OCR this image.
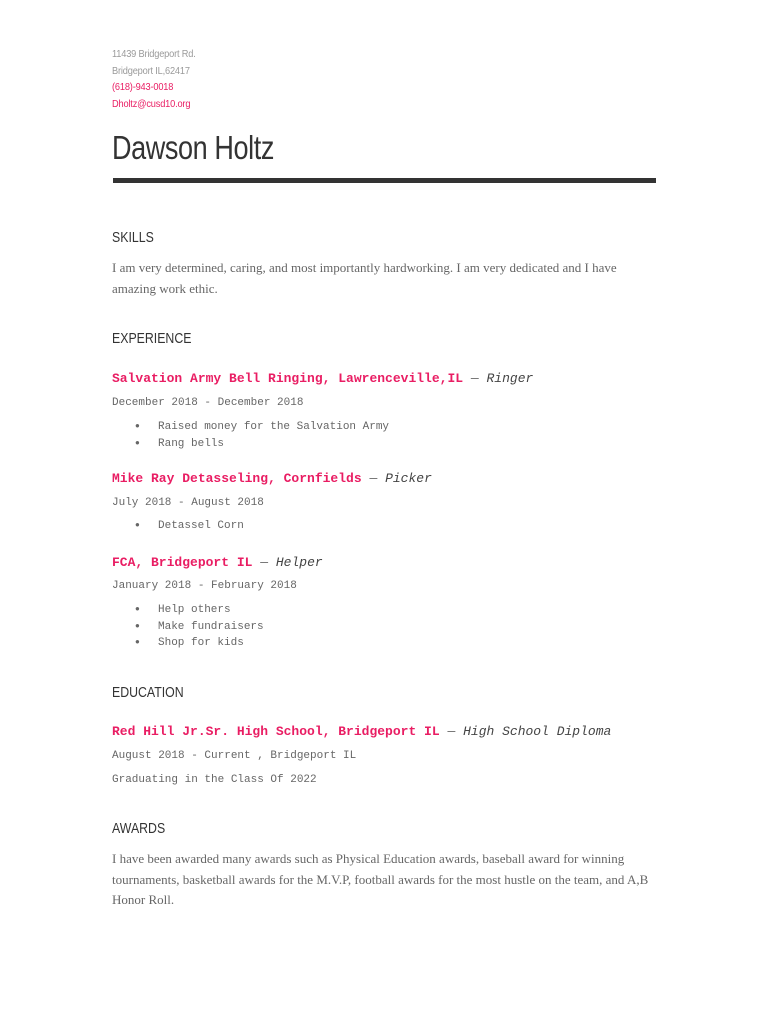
11439 Bridgeport Rd.
Bridgeport IL,62417
(618)-943-0018
Dholtz@cusd10.org
Dawson Holtz
SKILLS

I am very determined, caring, and most importantly hardworking. I am very dedicated and I have amazing work ethic.

EXPERIENCE
Salvation Army Bell Ringing, Lawrenceville,IL — Ringer
December 2018 - December 2018
● Raised money for the Salvation Army
● Rang bells
Mike Ray Detasseling, Cornfields — Picker
July 2018 - August 2018
● Detassel Corn
FCA, Bridgeport IL — Helper
January 2018 - February 2018
● Help others
● Make fundraisers
● Shop for kids
EDUCATION
Red Hill Jr.Sr. High School, Bridgeport IL — High School Diploma
August 2018 - Current , Bridgeport IL
Graduating in the Class Of 2022
AWARDS

I have been awarded many awards such as Physical Education awards, baseball award for winning tournaments, basketball awards for the M.V.P, football awards for the most hustle on the team, and A,B Honor Roll.
